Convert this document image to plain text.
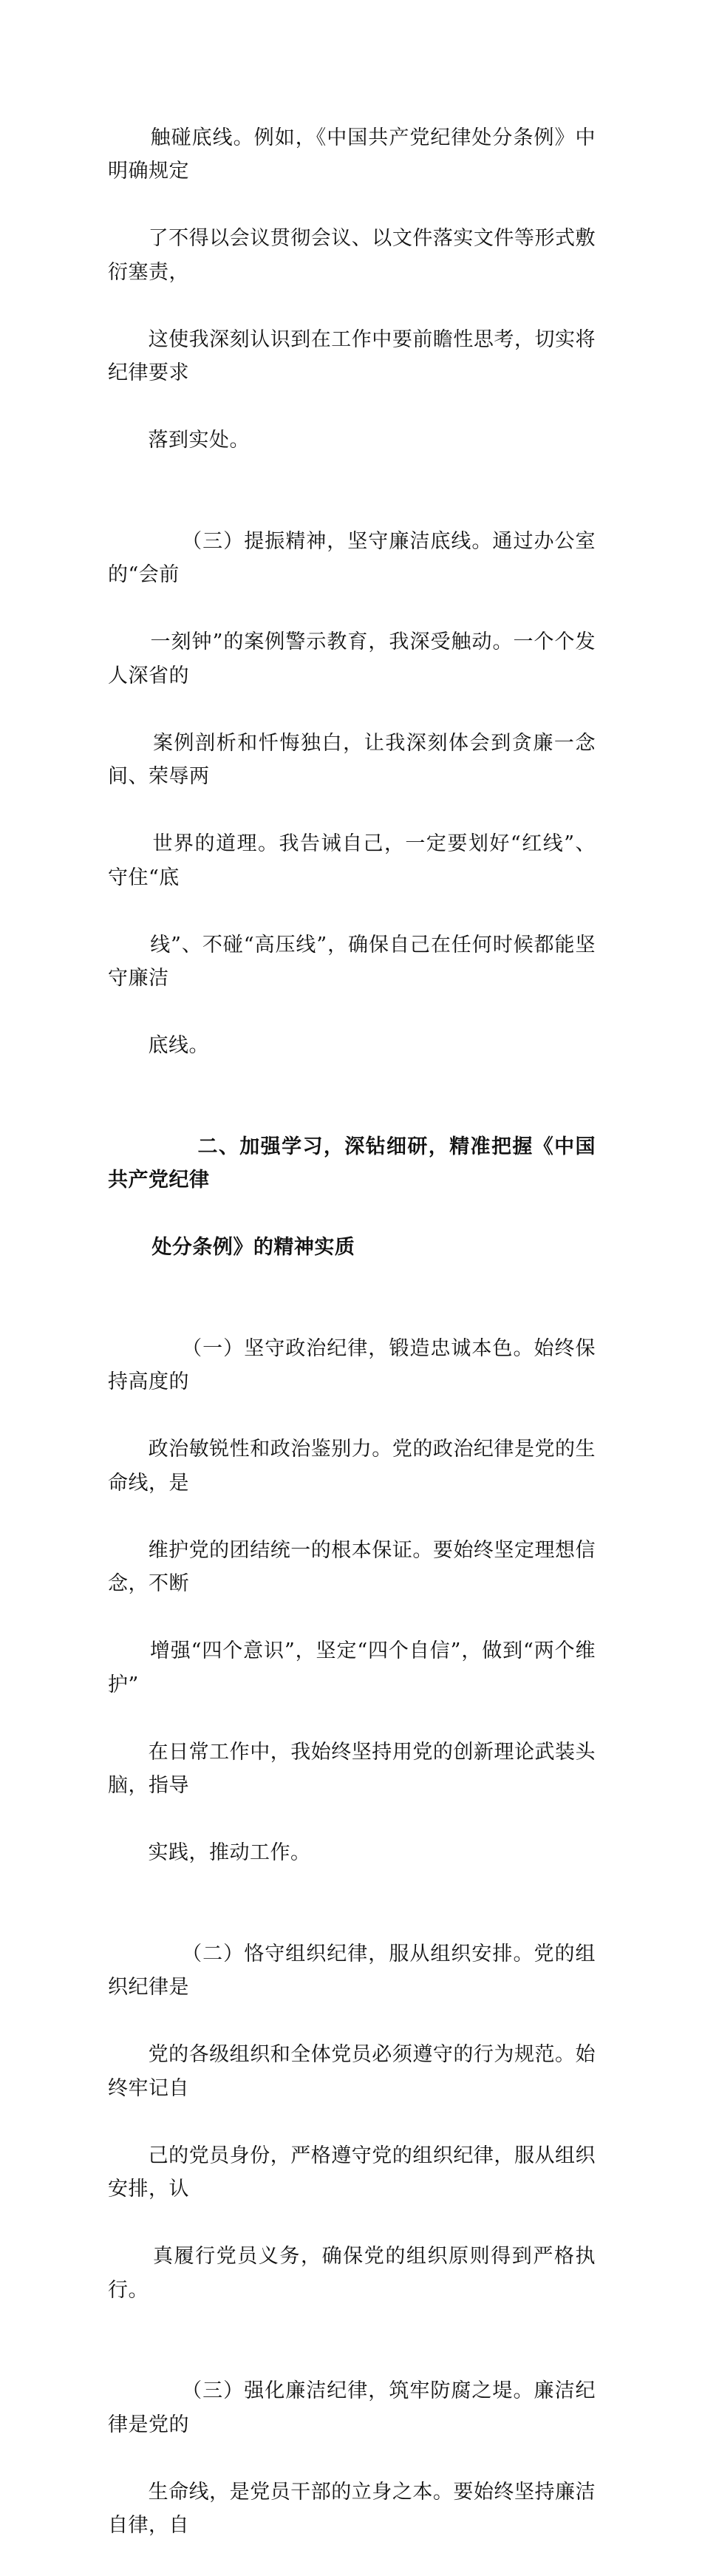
触碰底线。例如，《中国共产党纪律处分条例》中明确规定

了不得以会议贯彻会议、以文件落实文件等形式敷衍塞责，

这使我深刻认识到在工作中要前瞻性思考，切实将纪律要求

落到实处。

　　（三）提振精神，坚守廉洁底线。通过办公室的“会前

一刻钟”的案例警示教育，我深受触动。一个个发人深省的

案例剖析和忏悔独白，让我深刻体会到贪廉一念间、荣辱两

世界的道理。我告诫自己，一定要划好“红线”、守住“底

线”、不碰“高压线”，确保自己在任何时候都能坚守廉洁

底线。

　　二、加强学习，深钻细研，精准把握《中国共产党纪律

处分条例》的精神实质

　　（一）坚守政治纪律，锻造忠诚本色。始终保持高度的

政治敏锐性和政治鉴别力。党的政治纪律是党的生命线，是

维护党的团结统一的根本保证。要始终坚定理想信念，不断

增强“四个意识”，坚定“四个自信”，做到“两个维护”

在日常工作中，我始终坚持用党的创新理论武装头脑，指导

实践，推动工作。

　　（二）恪守组织纪律，服从组织安排。党的组织纪律是

党的各级组织和全体党员必须遵守的行为规范。始终牢记自

己的党员身份，严格遵守党的组织纪律，服从组织安排，认

真履行党员义务，确保党的组织原则得到严格执行。

　　（三）强化廉洁纪律，筑牢防腐之堤。廉洁纪律是党的

生命线，是党员干部的立身之本。要始终坚持廉洁自律，自
